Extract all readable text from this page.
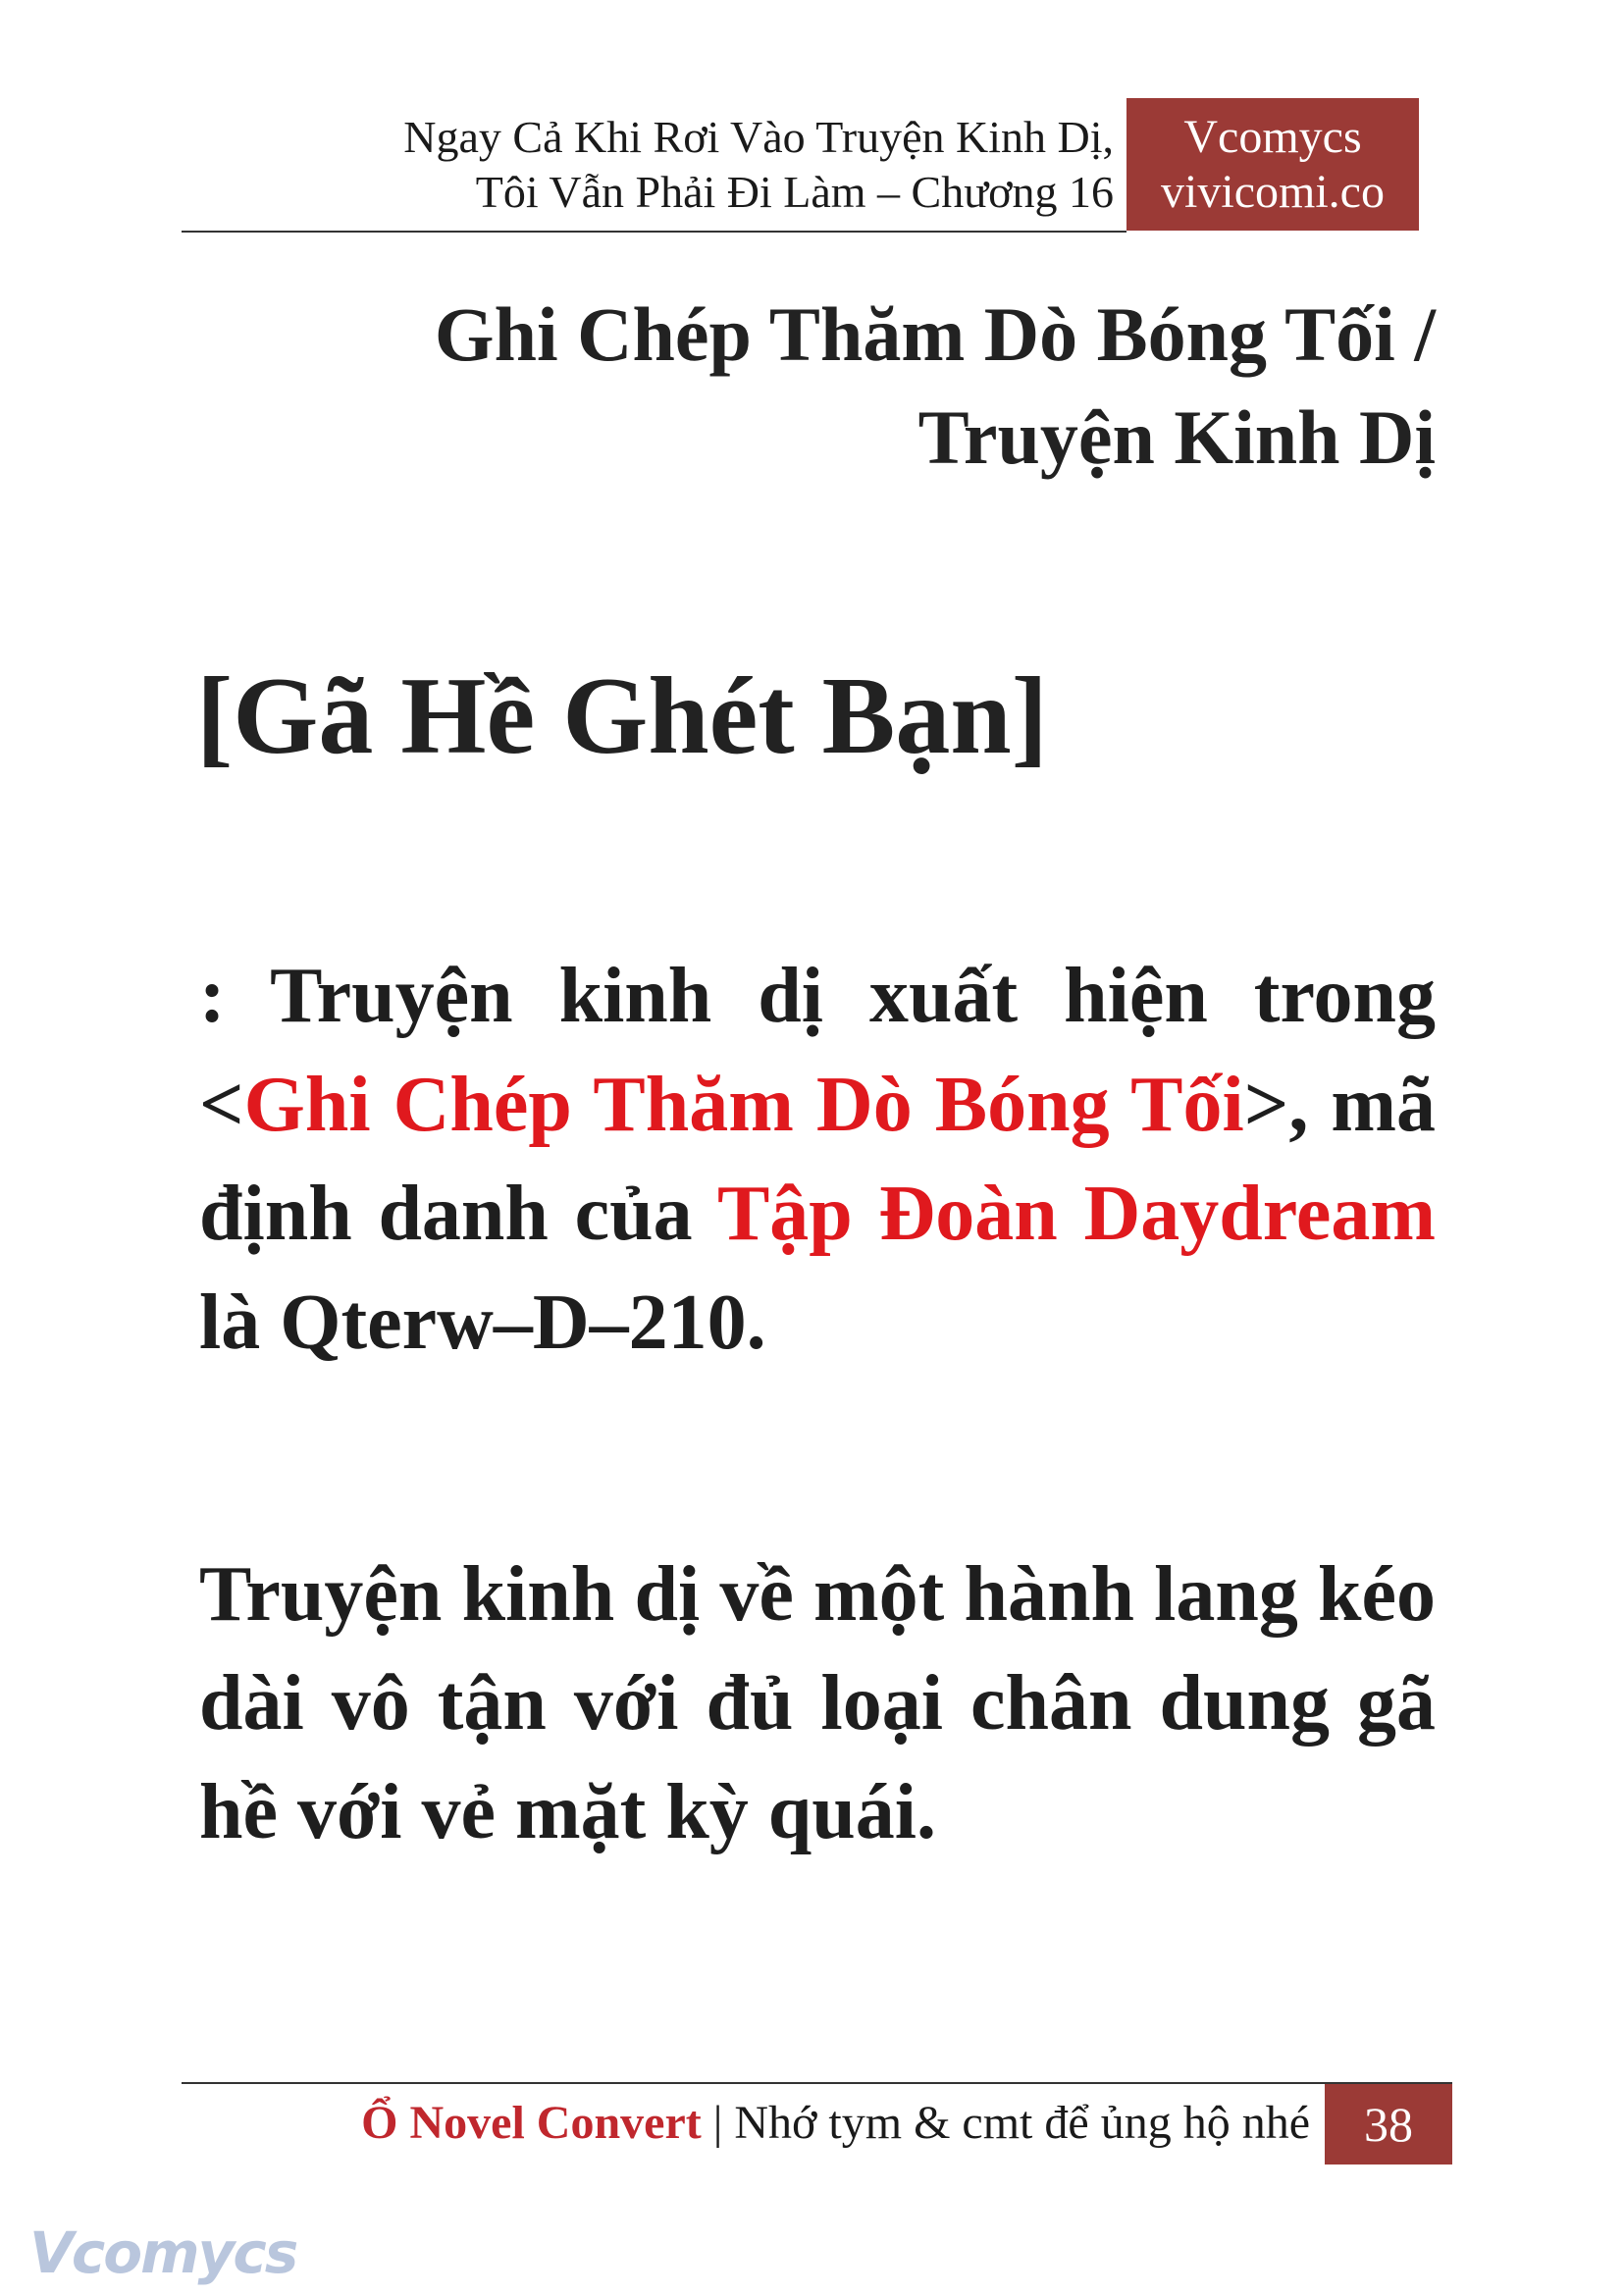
Ngay Cả Khi Rơi Vào Truyện Kinh Dị,
Tôi Vẫn Phải Đi Làm – Chương 16
Vcomycs
vivicomi.co
Ghi Chép Thăm Dò Bóng Tối /
Truyện Kinh Dị
[Gã Hề Ghét Bạn]
: Truyện kinh dị xuất hiện trong <Ghi Chép Thăm Dò Bóng Tối>, mã định danh của Tập Đoàn Daydream là Qterw–D–210.
Truyện kinh dị về một hành lang kéo dài vô tận với đủ loại chân dung gã hề với vẻ mặt kỳ quái.
Ổ Novel Convert | Nhớ tym & cmt để ủng hộ nhé	38
Vcomycs
